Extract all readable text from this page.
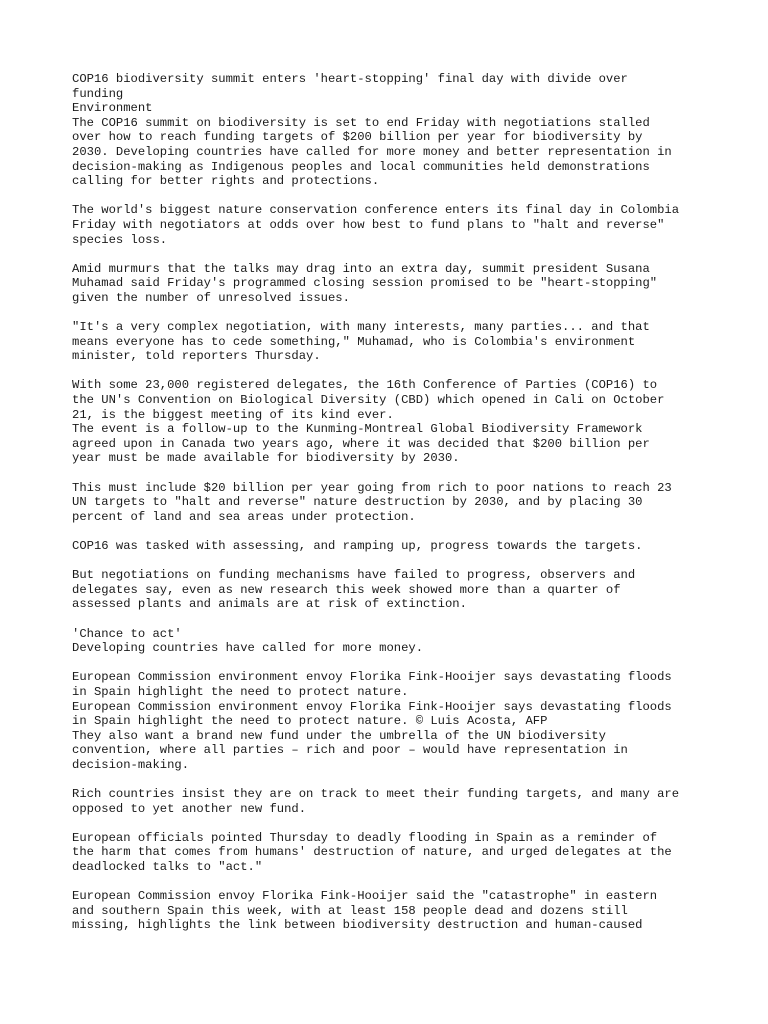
COP16 biodiversity summit enters 'heart-stopping' final day with divide over
funding
Environment
The COP16 summit on biodiversity is set to end Friday with negotiations stalled
over how to reach funding targets of $200 billion per year for biodiversity by
2030. Developing countries have called for more money and better representation in
decision-making as Indigenous peoples and local communities held demonstrations
calling for better rights and protections.
The world's biggest nature conservation conference enters its final day in Colombia
Friday with negotiators at odds over how best to fund plans to "halt and reverse"
species loss.
Amid murmurs that the talks may drag into an extra day, summit president Susana
Muhamad said Friday's programmed closing session promised to be "heart-stopping"
given the number of unresolved issues.
"It's a very complex negotiation, with many interests, many parties... and that
means everyone has to cede something," Muhamad, who is Colombia's environment
minister, told reporters Thursday.
With some 23,000 registered delegates, the 16th Conference of Parties (COP16) to
the UN's Convention on Biological Diversity (CBD) which opened in Cali on October
21, is the biggest meeting of its kind ever.
The event is a follow-up to the Kunming-Montreal Global Biodiversity Framework
agreed upon in Canada two years ago, where it was decided that $200 billion per
year must be made available for biodiversity by 2030.
This must include $20 billion per year going from rich to poor nations to reach 23
UN targets to "halt and reverse" nature destruction by 2030, and by placing 30
percent of land and sea areas under protection.
COP16 was tasked with assessing, and ramping up, progress towards the targets.
But negotiations on funding mechanisms have failed to progress, observers and
delegates say, even as new research this week showed more than a quarter of
assessed plants and animals are at risk of extinction.
'Chance to act'
Developing countries have called for more money.
European Commission environment envoy Florika Fink-Hooijer says devastating floods
in Spain highlight the need to protect nature.
European Commission environment envoy Florika Fink-Hooijer says devastating floods
in Spain highlight the need to protect nature. © Luis Acosta, AFP
They also want a brand new fund under the umbrella of the UN biodiversity
convention, where all parties – rich and poor – would have representation in
decision-making.
Rich countries insist they are on track to meet their funding targets, and many are
opposed to yet another new fund.
European officials pointed Thursday to deadly flooding in Spain as a reminder of
the harm that comes from humans' destruction of nature, and urged delegates at the
deadlocked talks to "act."
European Commission envoy Florika Fink-Hooijer said the "catastrophe" in eastern
and southern Spain this week, with at least 158 people dead and dozens still
missing, highlights the link between biodiversity destruction and human-caused
